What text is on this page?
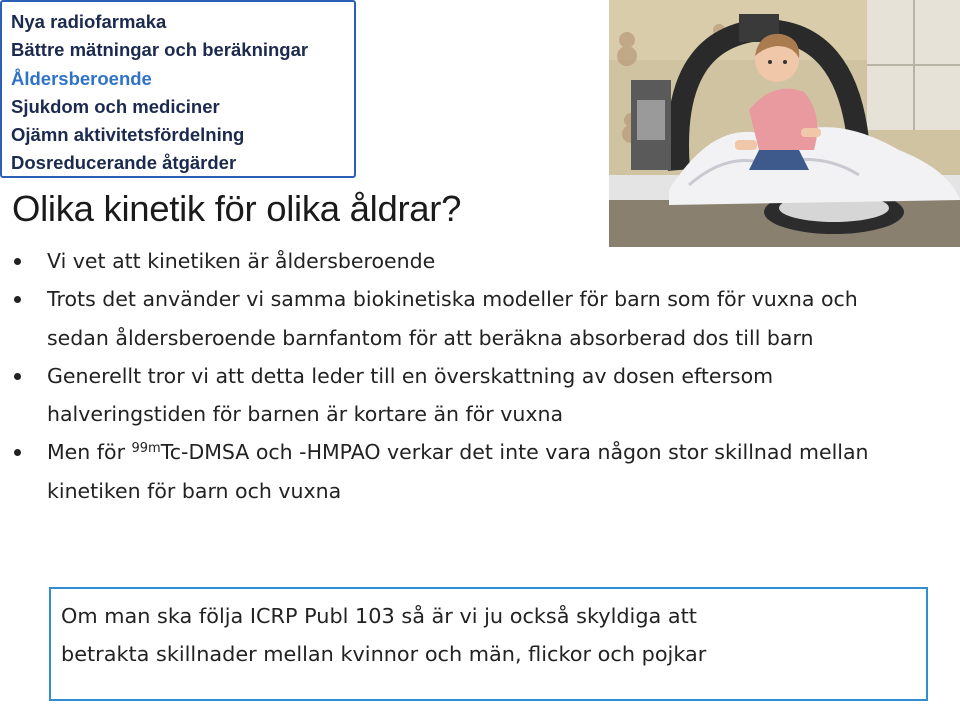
Nya radiofarmaka
Bättre mätningar och beräkningar
Åldersberoende
Sjukdom och mediciner
Ojämn aktivitetsfördelning
Dosreducerande åtgärder
Olika kinetik för olika åldrar?
Vi vet att kinetiken är åldersberoende
Trots det använder vi samma biokinetiska modeller för barn som för vuxna och sedan åldersberoende barnfantom för att beräkna absorberad dos till barn
Generellt tror vi att detta leder till en överskattning av dosen eftersom halveringstiden för barnen är kortare än för vuxna
Men för $^{99m}$Tc-DMSA och -HMPAO verkar det inte vara någon stor skillnad mellan kinetiken för barn och vuxna
Om man ska följa ICRP Publ 103 så är vi ju också skyldiga att
betrakta skillnader mellan kvinnor och män, flickor och pojkar
